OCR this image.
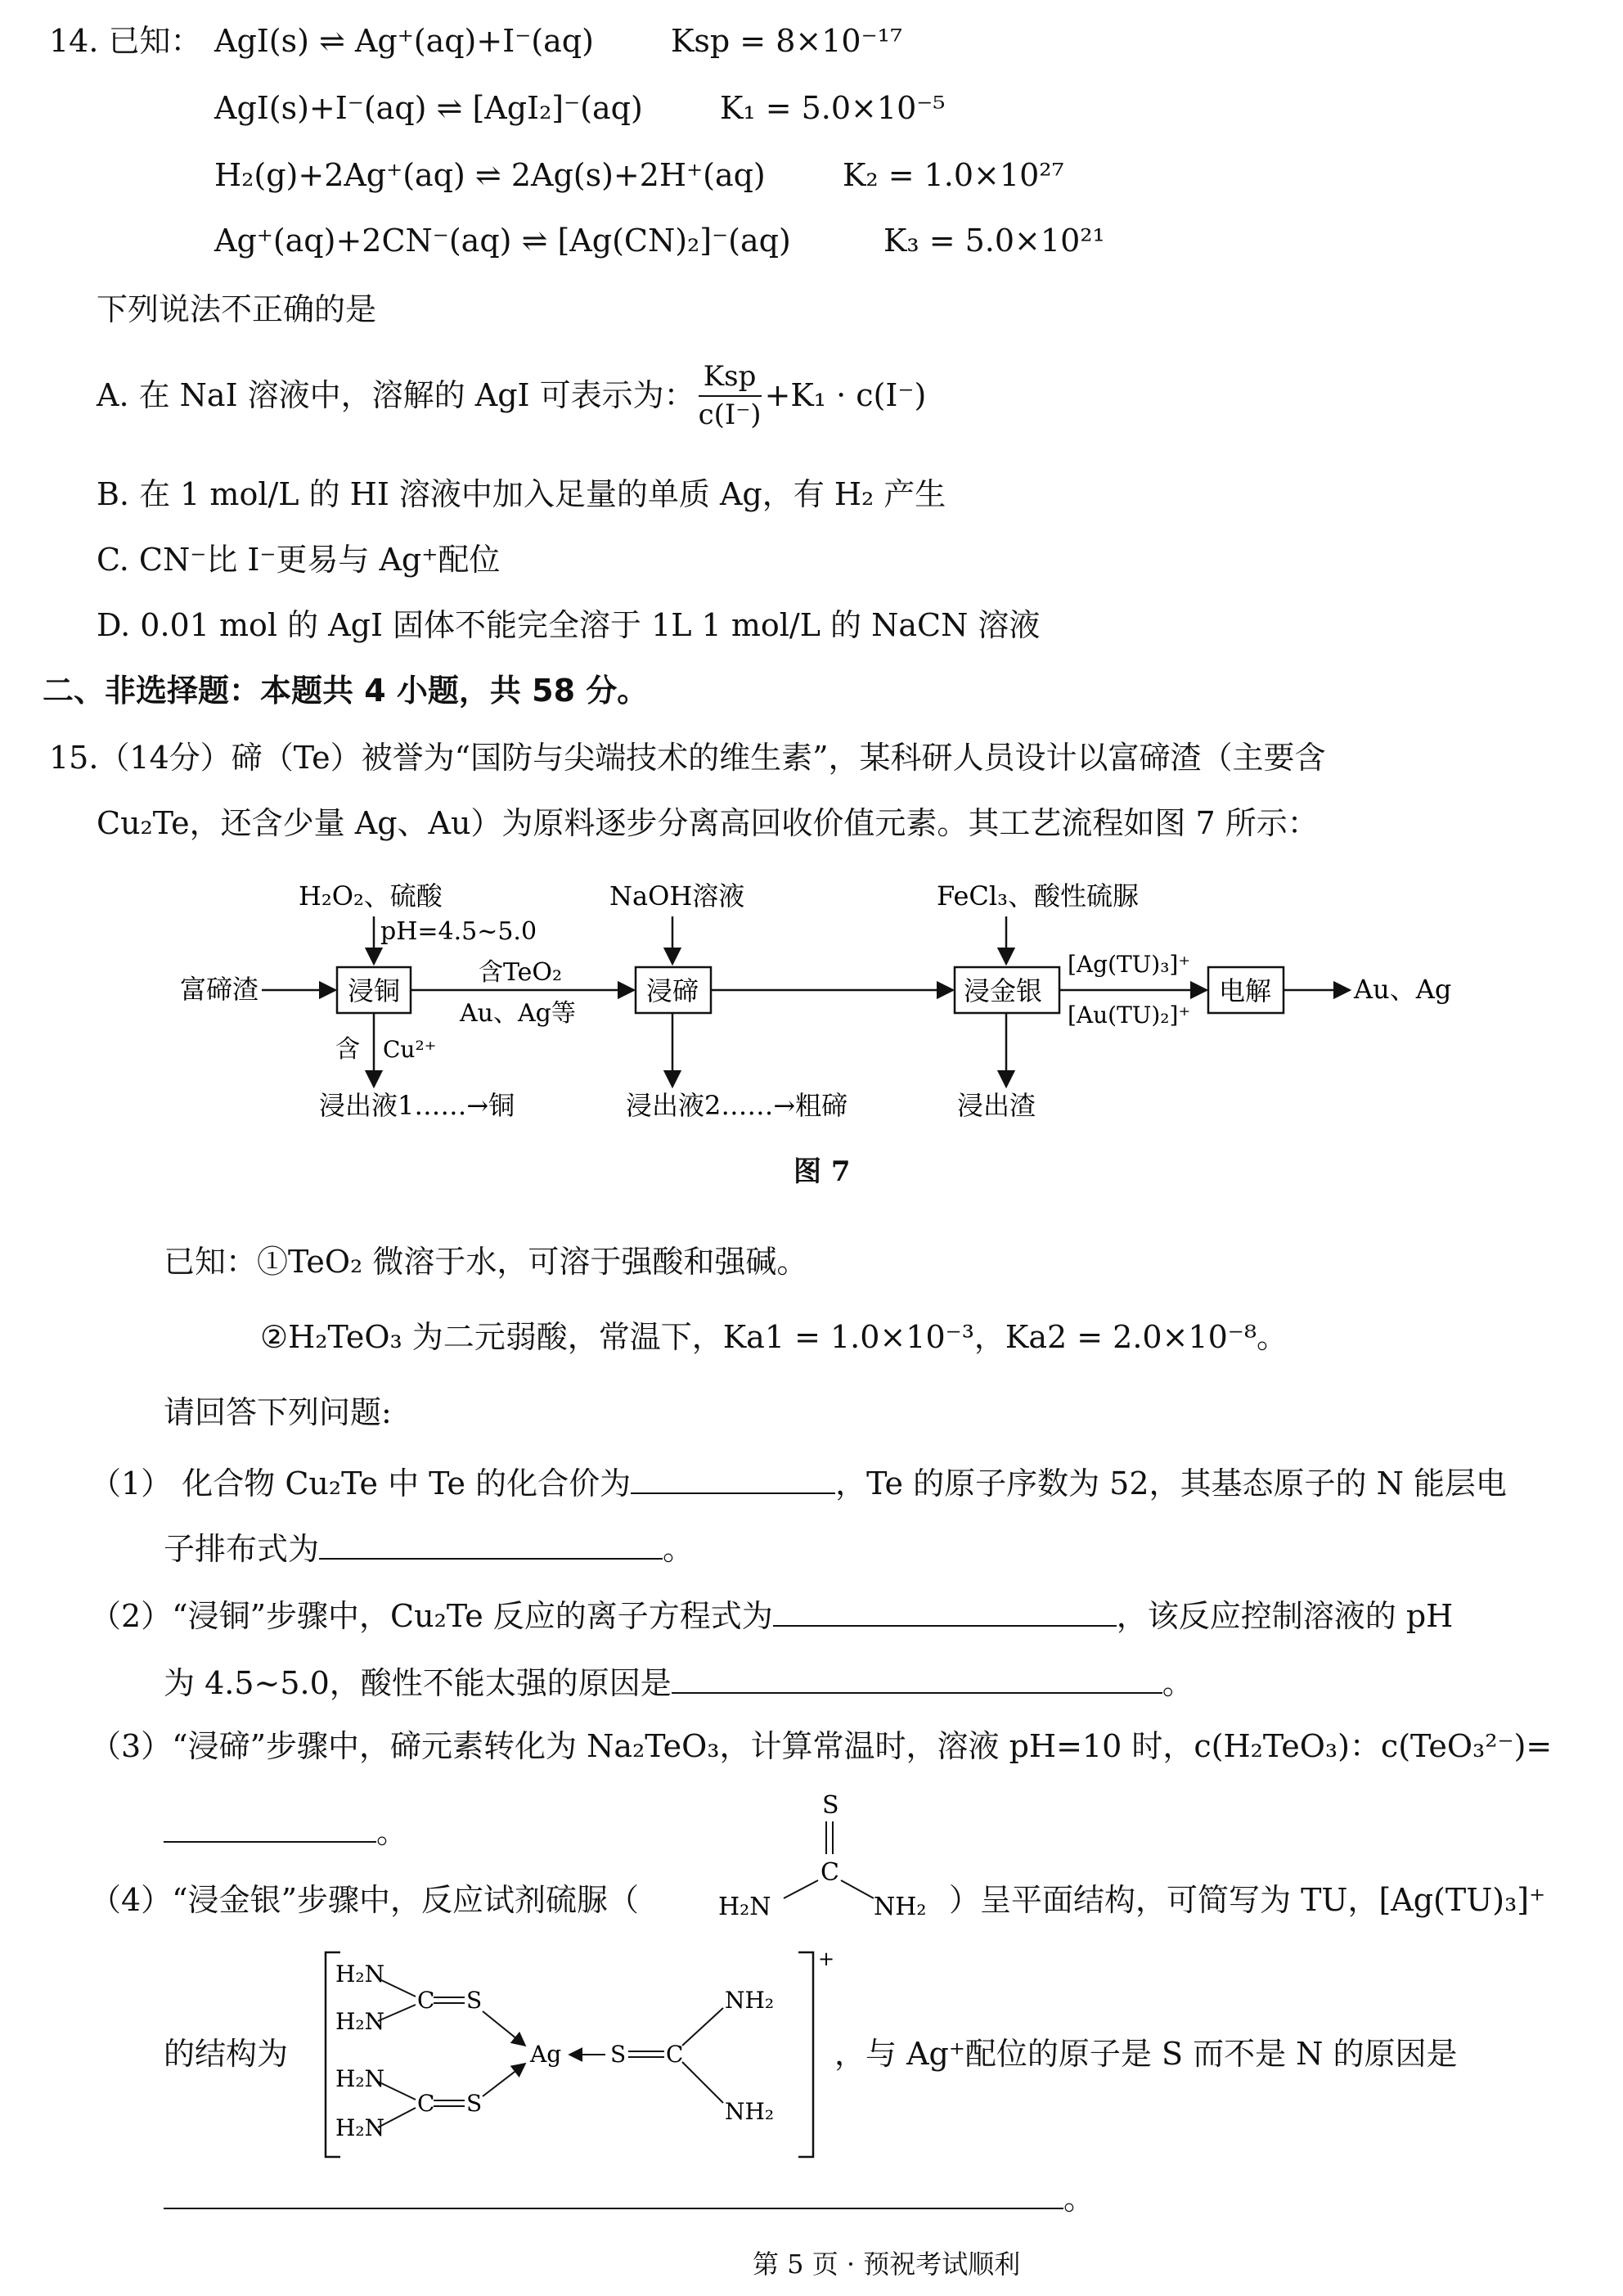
14. 已知： AgI(s) ⇌ Ag⁺(aq)+I⁻(aq) Ksp = 8×10⁻¹⁷
AgI(s)+I⁻(aq) ⇌ [AgI₂]⁻(aq) K₁ = 5.0×10⁻⁵
H₂(g)+2Ag⁺(aq) ⇌ 2Ag(s)+2H⁺(aq) K₂ = 1.0×10²⁷
Ag⁺(aq)+2CN⁻(aq) ⇌ [Ag(CN)₂]⁻(aq)	K₃ = 5.0×10²¹
下列说法不正确的是
A. 在 NaI 溶液中，溶解的 AgI 可表示为： $\frac{\text{Ksp}}{c(I^-)} +K_1 \cdot c(I^-)$
B. 在 1 mol/L 的 HI 溶液中加入足量的单质 Ag，有 H₂ 产生
C. CN⁻比 I⁻更易与 Ag⁺配位
D. 0.01 mol 的 AgI 固体不能完全溶于 1L 1 mol/L 的 NaCN 溶液
二、非选择题：本题共 4 小题，共 58 分。
15.（14分）碲（Te）被誉为“国防与尖端技术的维生素”，某科研人员设计以富碲渣（主要含
Cu₂Te，还含少量 Ag、Au）为原料逐步分离高回收价值元素。其工艺流程如图 7 所示：
H₂O₂、硫酸
pH=4.5~5.0
NaOH溶液	FeCl₃、酸性硫脲
富碲渣	浸铜
含TeO₂
Au、Ag等
浸碲	浸金银
[Ag(TU)₃]⁺
[Au(TU)₂]⁺
电解	Au、Ag
含 Cu²⁺
浸出液1……→铜	浸出液2……→粗碲	浸出渣
图 7
已知：①TeO₂ 微溶于水，可溶于强酸和强碱。
②H₂TeO₃ 为二元弱酸，常温下，Ka1 = 1.0×10⁻³，Ka2 = 2.0×10⁻⁸。
请回答下列问题:
（1） 化合物 Cu₂Te 中 Te 的化合价为	，Te 的原子序数为 52，其基态原子的 N 能层电
子排布式为	。
（2）“浸铜”步骤中，Cu₂Te 反应的离子方程式为	，该反应控制溶液的 pH
为 4.5~5.0，酸性不能太强的原因是	。
（3）“浸碲”步骤中，碲元素转化为 Na₂TeO₃，计算常温时，溶液 pH=10 时，c(H₂TeO₃)：c(TeO₃²⁻)=
。
（4）“浸金银”步骤中，反应试剂硫脲（
S
C
H₂N	NH₂ ）呈平面结构，可简写为 TU，[Ag(TU)₃]⁺
的结构为
+
H₂N
H₂N
C S
H₂N
H₂N
C S
Ag S C
NH₂
NH₂
，与 Ag⁺配位的原子是 S 而不是 N 的原因是
。
第 5 页 · 预祝考试顺利
